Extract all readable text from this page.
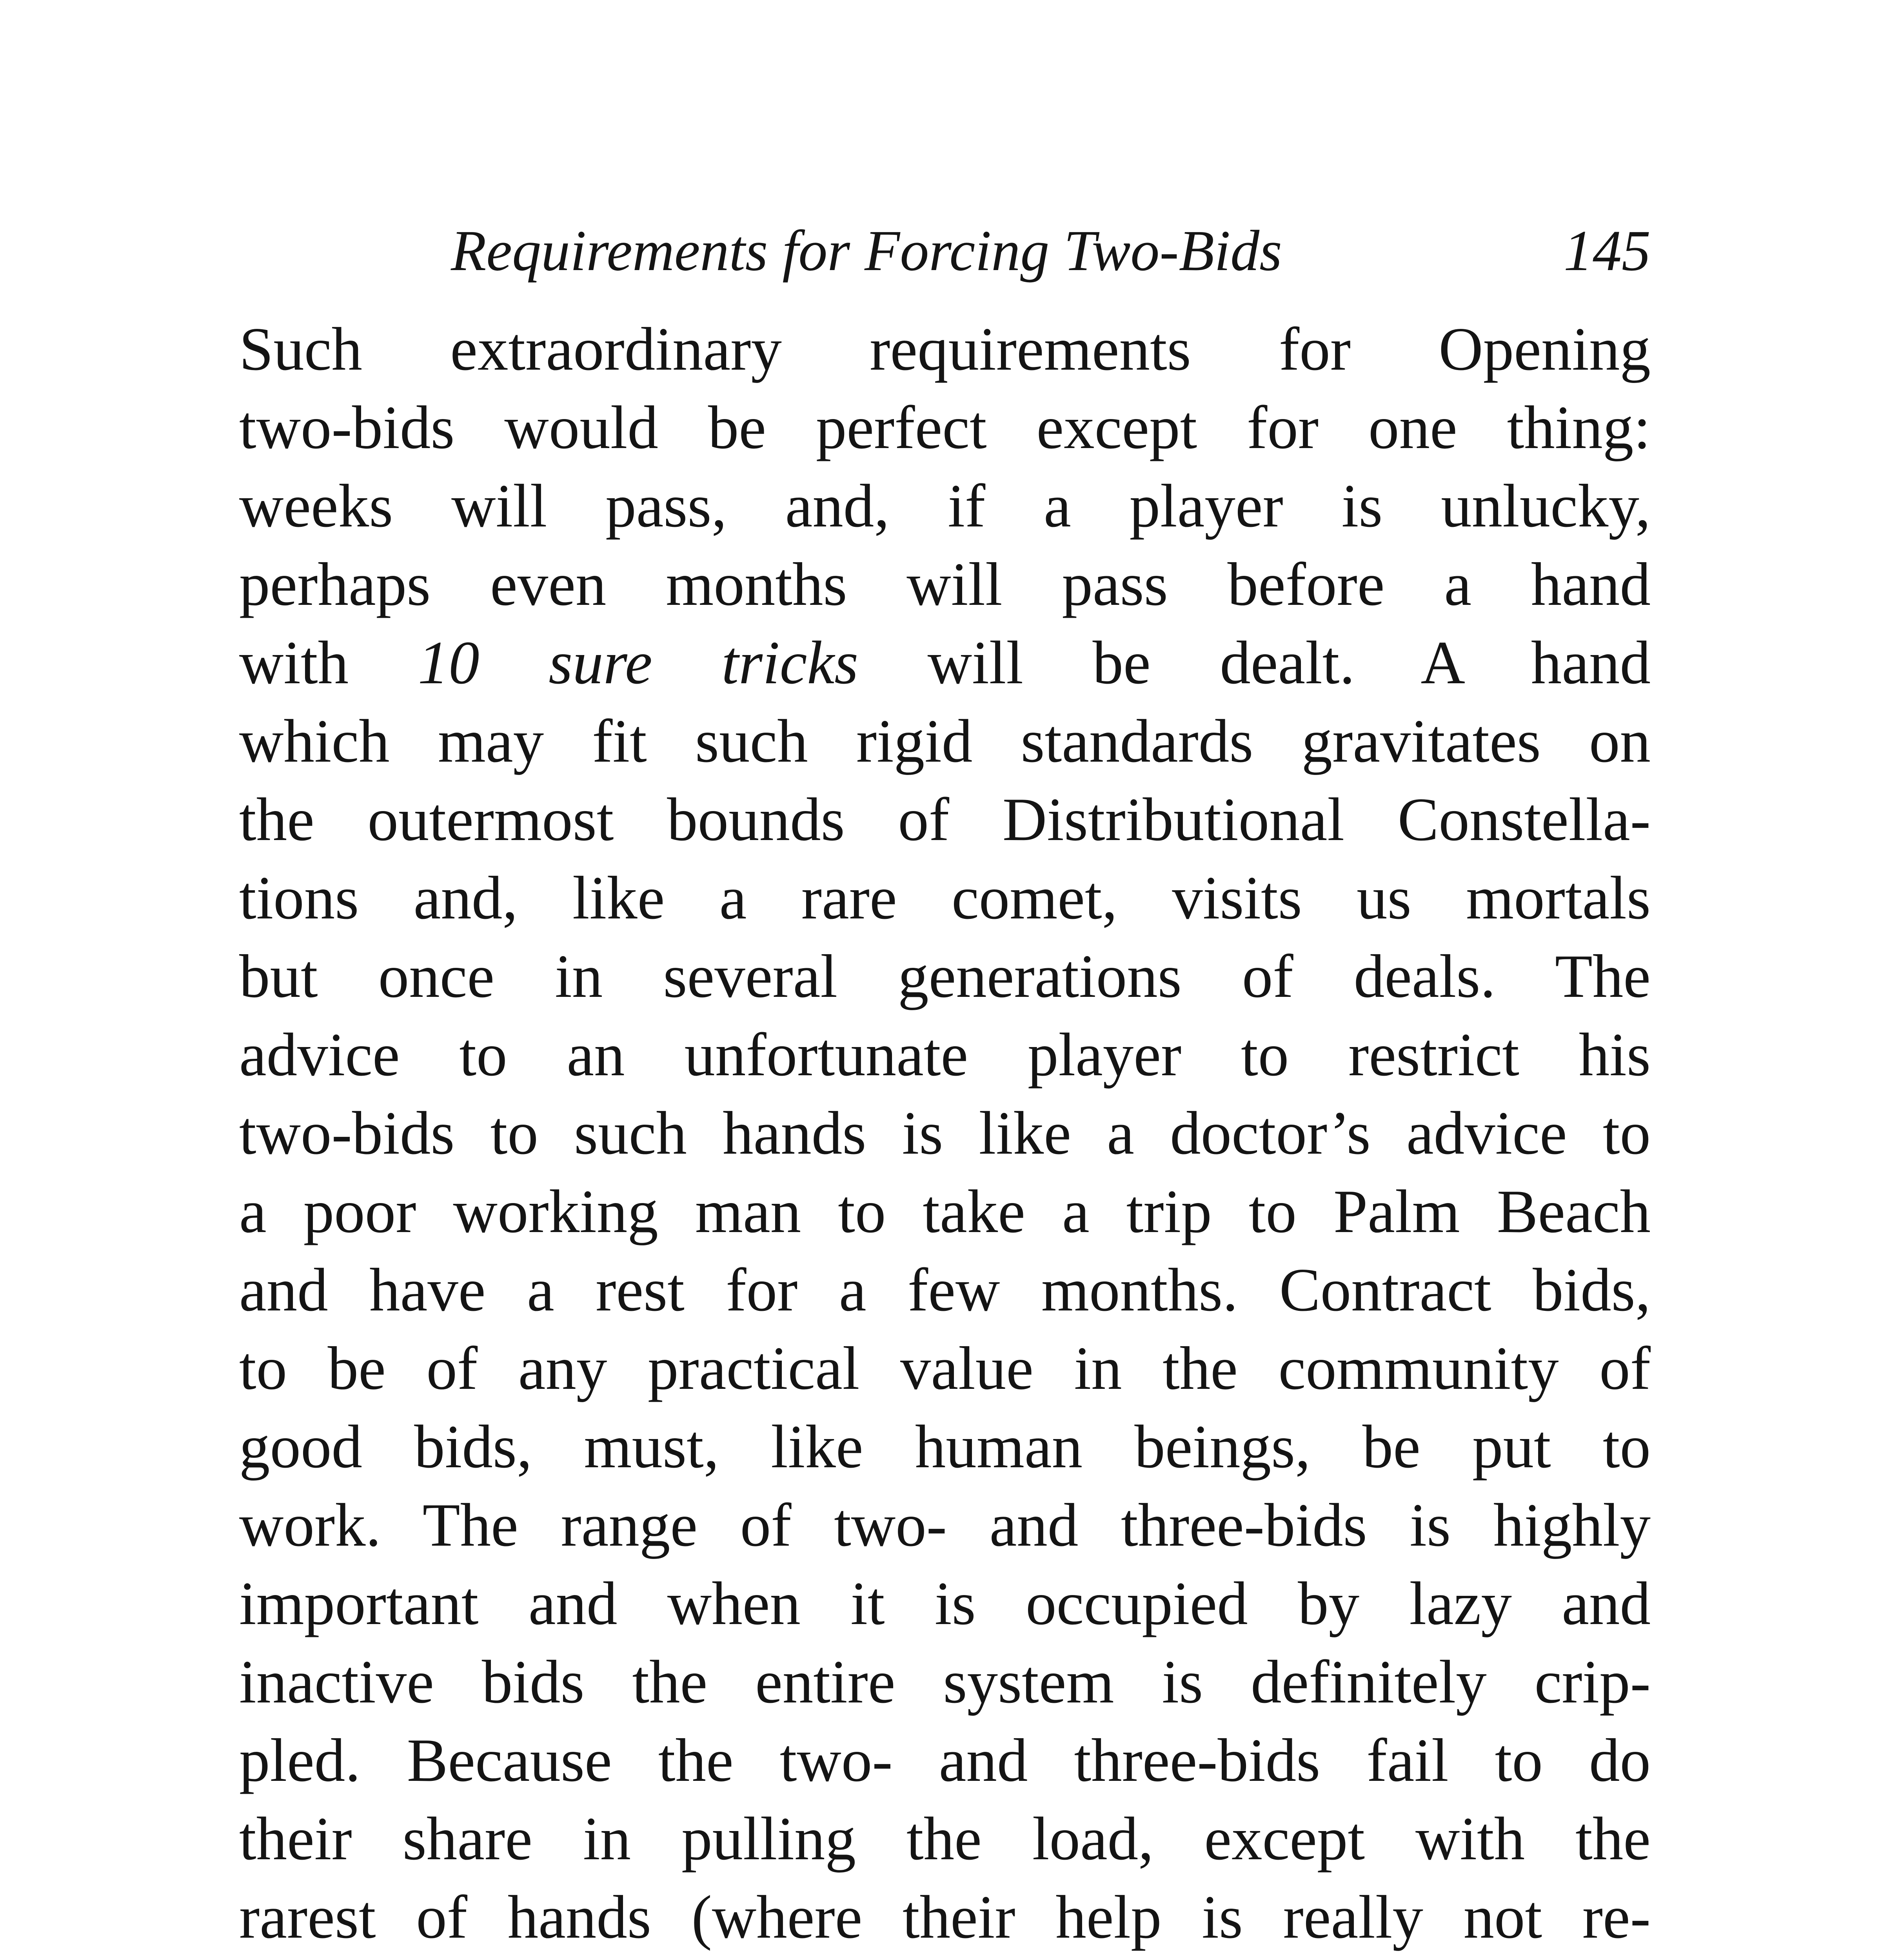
Requirements for Forcing Two-Bids	145
Such extraordinary requirements for Opening
two-bids would be perfect except for one thing:
weeks will pass, and, if a player is unlucky,
perhaps even months will pass before a hand
with 10 sure tricks will be dealt. A hand
which may fit such rigid standards gravitates on
the outermost bounds of Distributional Constella-
tions and, like a rare comet, visits us mortals
but once in several generations of deals. The
advice to an unfortunate player to restrict his
two-bids to such hands is like a doctor’s advice to
a poor working man to take a trip to Palm Beach
and have a rest for a few months. Contract bids,
to be of any practical value in the community of
good bids, must, like human beings, be put to
work. The range of two- and three-bids is highly
important and when it is occupied by lazy and
inactive bids the entire system is definitely crip-
pled. Because the two- and three-bids fail to do
their share in pulling the load, except with the
rarest of hands (where their help is really not re-
